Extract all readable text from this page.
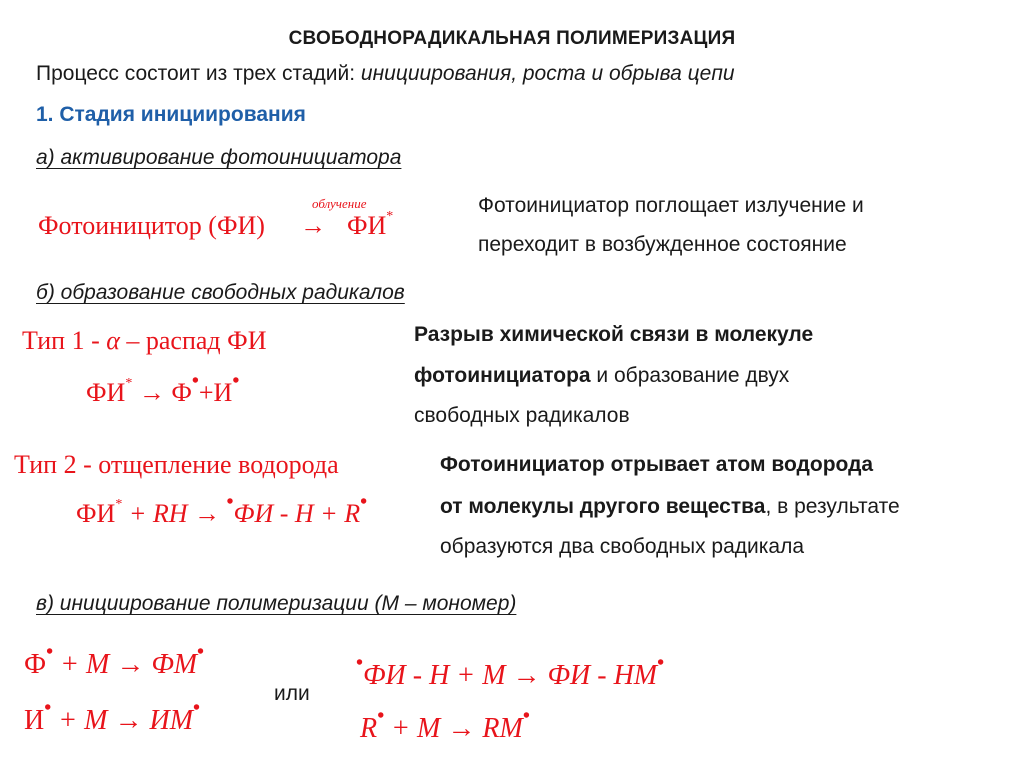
СВОБОДНОРАДИКАЛЬНАЯ ПОЛИМЕРИЗАЦИЯ
Процесс состоит из трех стадий: инициирования, роста и обрыва цепи
1. Стадия инициирования
а) активирование фотоинициатора
облучение
Фотоиницитор (ФИ) → ФИ*	Фотоинициатор поглощает излучение и
переходит в возбужденное состояние
б) образование свободных радикалов
Тип 1 - α – распад ФИ
ФИ* → Ф•+И•
Разрыв химической связи в молекуле
фотоинициатора и образование двух
свободных радикалов
Тип 2 - отщепление водорода
ФИ* + RH → •ФИ - H + R•
Фотоинициатор отрывает атом водорода
от молекулы другого вещества, в результате
образуются два свободных радикала
в) инициирование полимеризации (М – мономер)
Ф• + M → ФМ•
И• + M → ИМ•
или
•ФИ - H + M → ФИ - HM•
R• + M → RM•
